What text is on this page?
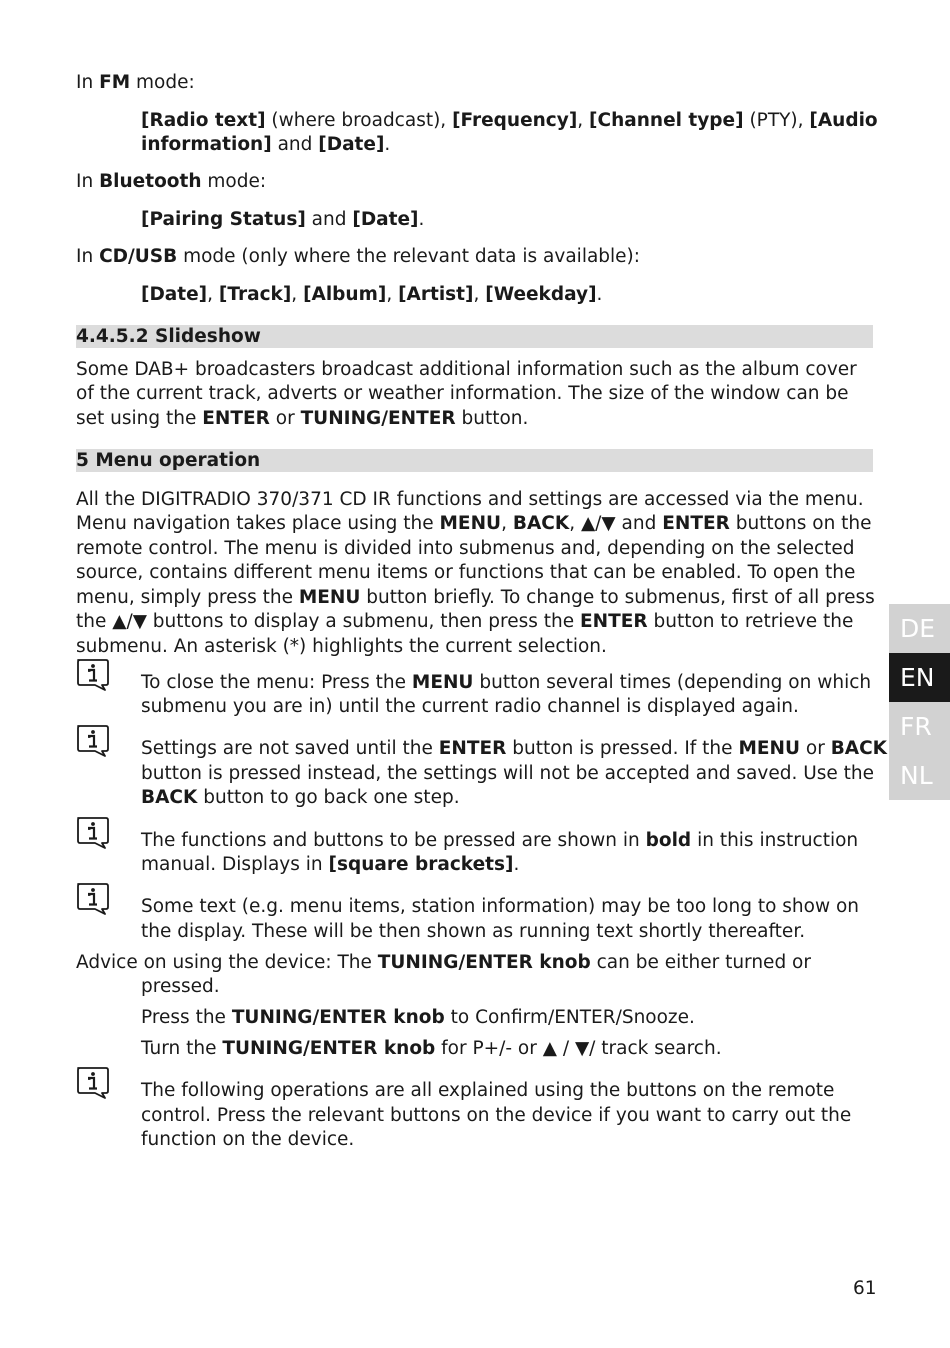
In FM mode:
[Radio text] (where broadcast), [Frequency], [Channel type] (PTY), [Audio
information] and [Date].
In Bluetooth mode:
[Pairing Status] and [Date].
In CD/USB mode (only where the relevant data is available):
[Date], [Track], [Album], [Artist], [Weekday].
4.4.5.2 Slideshow
Some DAB+ broadcasters broadcast additional information such as the album cover
of the current track, adverts or weather information. The size of the window can be
set using the ENTER or TUNING/ENTER button.
5 Menu operation
All the DIGITRADIO 370/371 CD IR functions and settings are accessed via the menu.
Menu navigation takes place using the MENU, BACK, ▲/▼ and ENTER buttons on the
remote control. The menu is divided into submenus and, depending on the selected
source, contains different menu items or functions that can be enabled. To open the
menu, simply press the MENU button briefly. To change to submenus, first of all press
the ▲/▼ buttons to display a submenu, then press the ENTER button to retrieve the
submenu. An asterisk (*) highlights the current selection.
To close the menu: Press the MENU button several times (depending on which
submenu you are in) until the current radio channel is displayed again.
Settings are not saved until the ENTER button is pressed. If the MENU or BACK
button is pressed instead, the settings will not be accepted and saved. Use the
BACK button to go back one step.
The functions and buttons to be pressed are shown in bold in this instruction
manual. Displays in [square brackets].
Some text (e.g. menu items, station information) may be too long to show on
the display. These will be then shown as running text shortly thereafter.
Advice on using the device: The TUNING/ENTER knob can be either turned or
pressed.
Press the TUNING/ENTER knob to Confirm/ENTER/Snooze.
Turn the TUNING/ENTER knob for P+/- or ▲ / ▼/ track search.
The following operations are all explained using the buttons on the remote
control. Press the relevant buttons on the device if you want to carry out the
function on the device.
DE
EN
FR
NL
61
